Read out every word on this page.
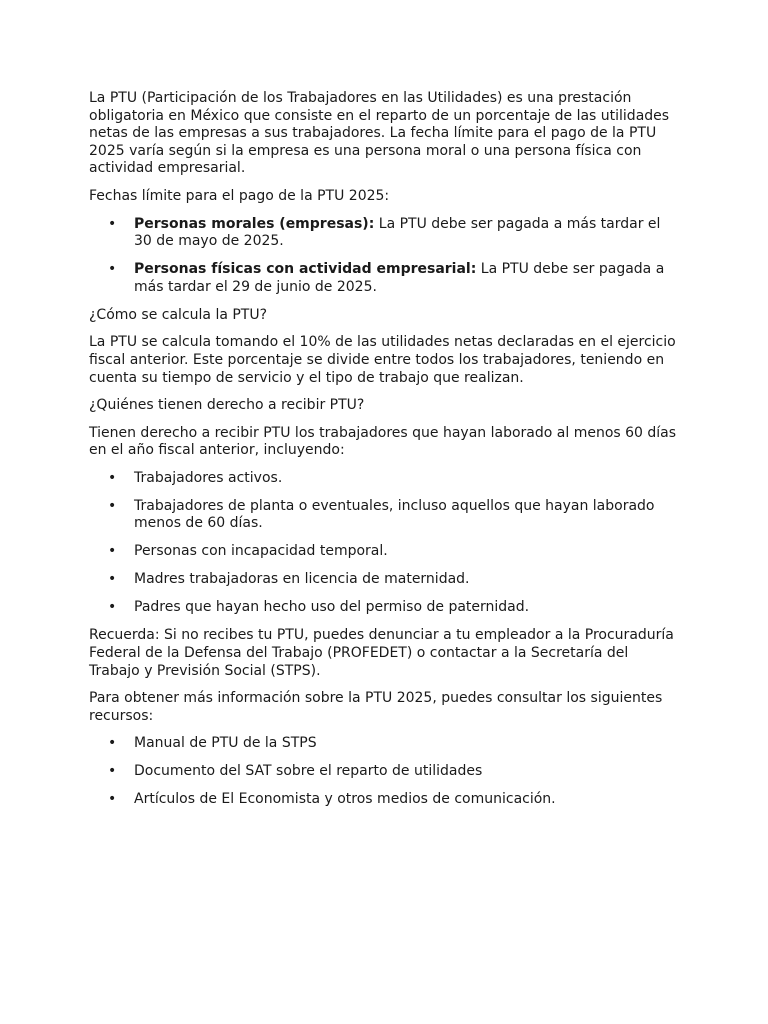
La PTU (Participación de los Trabajadores en las Utilidades) es una prestación obligatoria en México que consiste en el reparto de un porcentaje de las utilidades netas de las empresas a sus trabajadores. La fecha límite para el pago de la PTU 2025 varía según si la empresa es una persona moral o una persona física con actividad empresarial.

Fechas límite para el pago de la PTU 2025:

• Personas morales (empresas): La PTU debe ser pagada a más tardar el 30 de mayo de 2025.
• Personas físicas con actividad empresarial: La PTU debe ser pagada a más tardar el 29 de junio de 2025.

¿Cómo se calcula la PTU?

La PTU se calcula tomando el 10% de las utilidades netas declaradas en el ejercicio fiscal anterior. Este porcentaje se divide entre todos los trabajadores, teniendo en cuenta su tiempo de servicio y el tipo de trabajo que realizan.

¿Quiénes tienen derecho a recibir PTU?

Tienen derecho a recibir PTU los trabajadores que hayan laborado al menos 60 días en el año fiscal anterior, incluyendo:

• Trabajadores activos.
• Trabajadores de planta o eventuales, incluso aquellos que hayan laborado menos de 60 días.
• Personas con incapacidad temporal.
• Madres trabajadoras en licencia de maternidad.
• Padres que hayan hecho uso del permiso de paternidad.

Recuerda: Si no recibes tu PTU, puedes denunciar a tu empleador a la Procuraduría Federal de la Defensa del Trabajo (PROFEDET) o contactar a la Secretaría del Trabajo y Previsión Social (STPS).

Para obtener más información sobre la PTU 2025, puedes consultar los siguientes recursos:

• Manual de PTU de la STPS
• Documento del SAT sobre el reparto de utilidades
• Artículos de El Economista y otros medios de comunicación.
